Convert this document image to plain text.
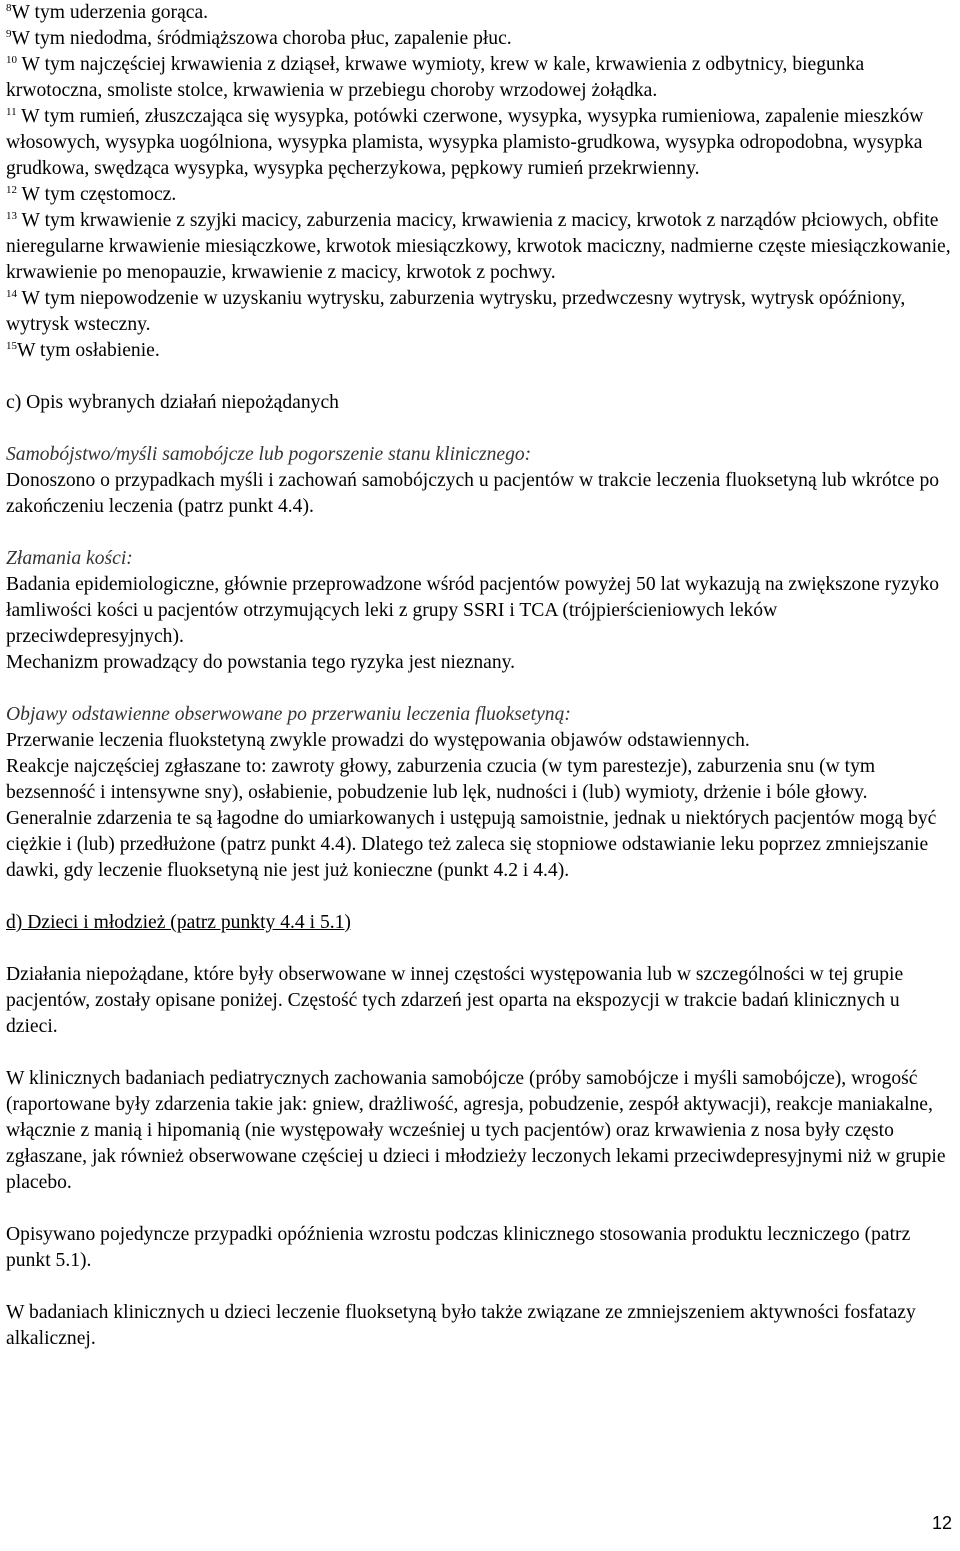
$^8$W tym uderzenia gorąca.

$^9$W tym niedodma, śródmiąższowa choroba płuc, zapalenie płuc.

$^{10}$ W tym najczęściej krwawienia z dziąseł, krwawe wymioty, krew w kale, krwawienia z odbytnicy, biegunka krwotoczna, smoliste stolce, krwawienia w przebiegu choroby wrzodowej żołądka.

$^{11}$ W tym rumień, złuszczająca się wysypka, potówki czerwone, wysypka, wysypka rumieniowa, zapalenie mieszków włosowych, wysypka uogólniona, wysypka plamista, wysypka plamisto-grudkowa, wysypka odropodobna, wysypka grudkowa, swędząca wysypka, wysypka pęcherzykowa, pępkowy rumień przekrwienny.

$^{12}$ W tym częstomocz.

$^{13}$ W tym krwawienie z szyjki macicy, zaburzenia macicy, krwawienia z macicy, krwotok z narządów płciowych, obfite nieregularne krwawienie miesiączkowe, krwotok miesiączkowy, krwotok maciczny, nadmierne częste miesiączkowanie, krwawienie po menopauzie, krwawienie z macicy, krwotok z pochwy.

$^{14}$ W tym niepowodzenie w uzyskaniu wytrysku, zaburzenia wytrysku, przedwczesny wytrysk, wytrysk opóźniony, wytrysk wsteczny.

$^{15}$W tym osłabienie.

c) Opis wybranych działań niepożądanych

Samobójstwo/myśli samobójcze lub pogorszenie stanu klinicznego:

Donoszono o przypadkach myśli i zachowań samobójczych u pacjentów w trakcie leczenia fluoksetyną lub wkrótce po zakończeniu leczenia (patrz punkt 4.4).

Złamania kości:

Badania epidemiologiczne, głównie przeprowadzone wśród pacjentów powyżej 50 lat wykazują na zwiększone ryzyko łamliwości kości u pacjentów otrzymujących leki z grupy SSRI i TCA (trójpierścieniowych leków przeciwdepresyjnych).

Mechanizm prowadzący do powstania tego ryzyka jest nieznany.

Objawy odstawienne obserwowane po przerwaniu leczenia fluoksetyną:

Przerwanie leczenia fluokstetyną zwykle prowadzi do występowania objawów odstawiennych.

Reakcje najczęściej zgłaszane to: zawroty głowy, zaburzenia czucia (w tym parestezje), zaburzenia snu (w tym bezsenność i intensywne sny), osłabienie, pobudzenie lub lęk, nudności i (lub) wymioty, drżenie i bóle głowy. Generalnie zdarzenia te są łagodne do umiarkowanych i ustępują samoistnie, jednak u niektórych pacjentów mogą być ciężkie i (lub) przedłużone (patrz punkt 4.4). Dlatego też zaleca się stopniowe odstawianie leku poprzez zmniejszanie dawki, gdy leczenie fluoksetyną nie jest już konieczne (punkt 4.2 i 4.4).

d) Dzieci i młodzież (patrz punkty 4.4 i 5.1)

Działania niepożądane, które były obserwowane w innej częstości występowania lub w szczególności w tej grupie pacjentów, zostały opisane poniżej. Częstość tych zdarzeń jest oparta na ekspozycji w trakcie badań klinicznych u dzieci.

W klinicznych badaniach pediatrycznych zachowania samobójcze (próby samobójcze i myśli samobójcze), wrogość (raportowane były zdarzenia takie jak: gniew, drażliwość, agresja, pobudzenie, zespół aktywacji), reakcje maniakalne, włącznie z manią i hipomanią (nie występowały wcześniej u tych pacjentów) oraz krwawienia z nosa były często zgłaszane, jak również obserwowane częściej u dzieci i młodzieży leczonych lekami przeciwdepresyjnymi niż w grupie placebo.

Opisywano pojedyncze przypadki opóźnienia wzrostu podczas klinicznego stosowania produktu leczniczego (patrz punkt 5.1).

W badaniach klinicznych u dzieci leczenie fluoksetyną było także związane ze zmniejszeniem aktywności fosfatazy alkalicznej.

12
